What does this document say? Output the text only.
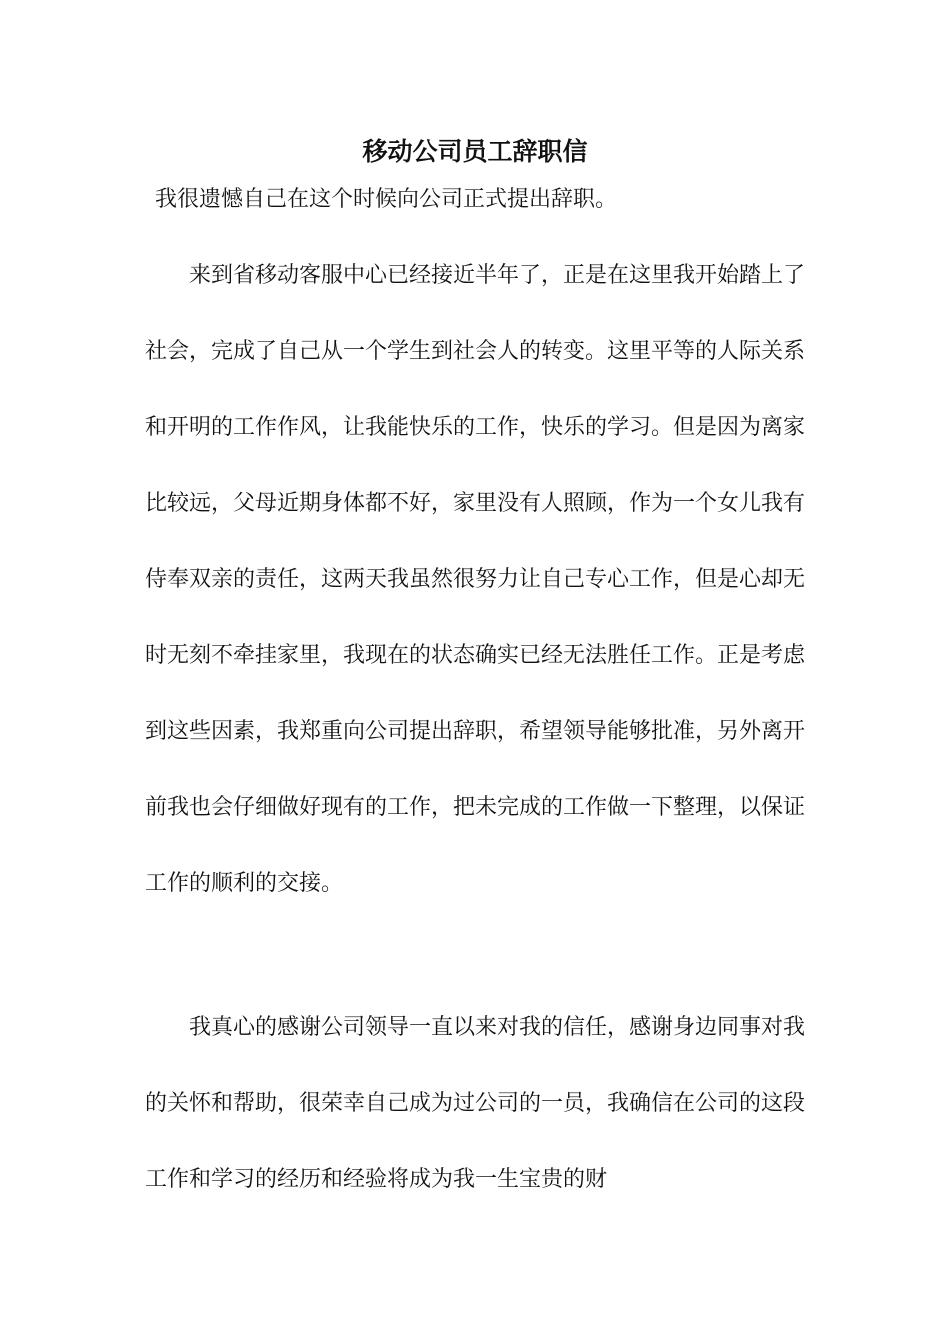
移动公司员工辞职信
我很遗憾自己在这个时候向公司正式提出辞职。

来到省移动客服中心已经接近半年了，正是在这里我开始踏上了社会，完成了自己从一个学生到社会人的转变。这里平等的人际关系和开明的工作作风，让我能快乐的工作，快乐的学习。但是因为离家比较远，父母近期身体都不好，家里没有人照顾，作为一个女儿我有侍奉双亲的责任，这两天我虽然很努力让自己专心工作，但是心却无时无刻不牵挂家里，我现在的状态确实已经无法胜任工作。正是考虑到这些因素，我郑重向公司提出辞职，希望领导能够批准，另外离开前我也会仔细做好现有的工作，把未完成的工作做一下整理，以保证工作的顺利的交接。

我真心的感谢公司领导一直以来对我的信任，感谢身边同事对我的关怀和帮助，很荣幸自己成为过公司的一员，我确信在公司的这段工作和学习的经历和经验将成为我一生宝贵的财
